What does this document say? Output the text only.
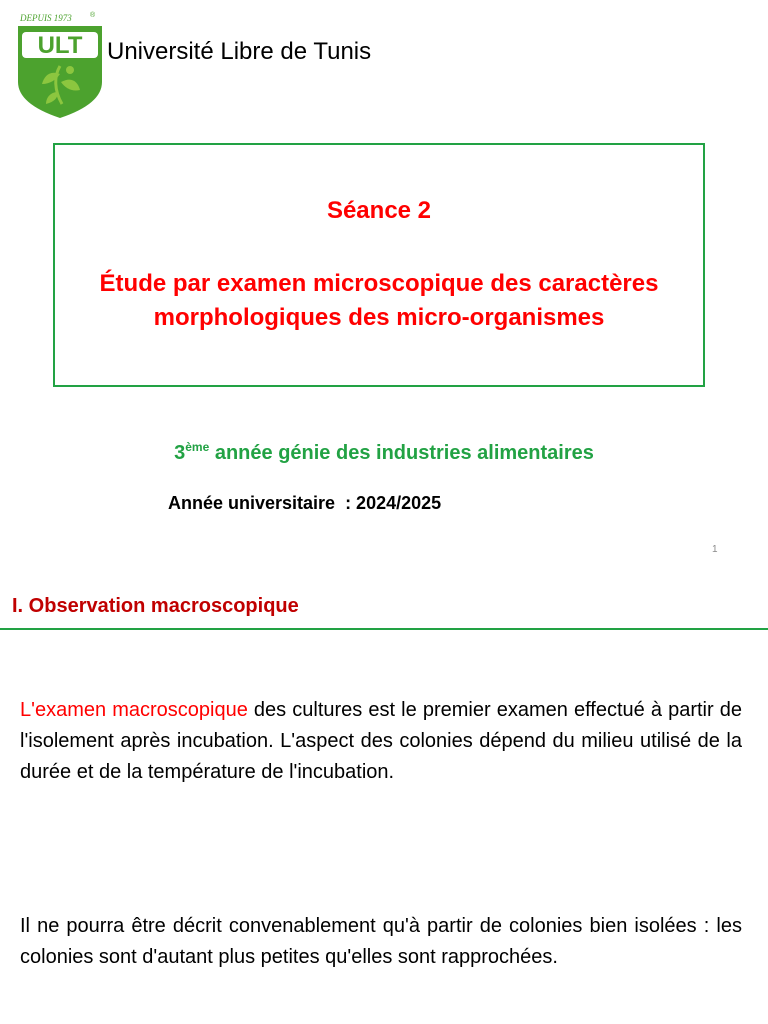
DEPUIS 1973	®
ULT Université Libre de Tunis
Séance 2
Étude par examen microscopique des caractères
morphologiques des micro-organismes
3ème année génie des industries alimentaires
Année universitaire  : 2024/2025
1
I. Observation macroscopique
L'examen macroscopique des cultures est le premier examen effectué à partir de l'isolement après incubation. L'aspect des colonies dépend du milieu utilisé de la durée et de la température de l'incubation.
Il ne pourra être décrit convenablement qu'à partir de colonies bien isolées : les colonies sont d'autant plus petites qu'elles sont rapprochées.
